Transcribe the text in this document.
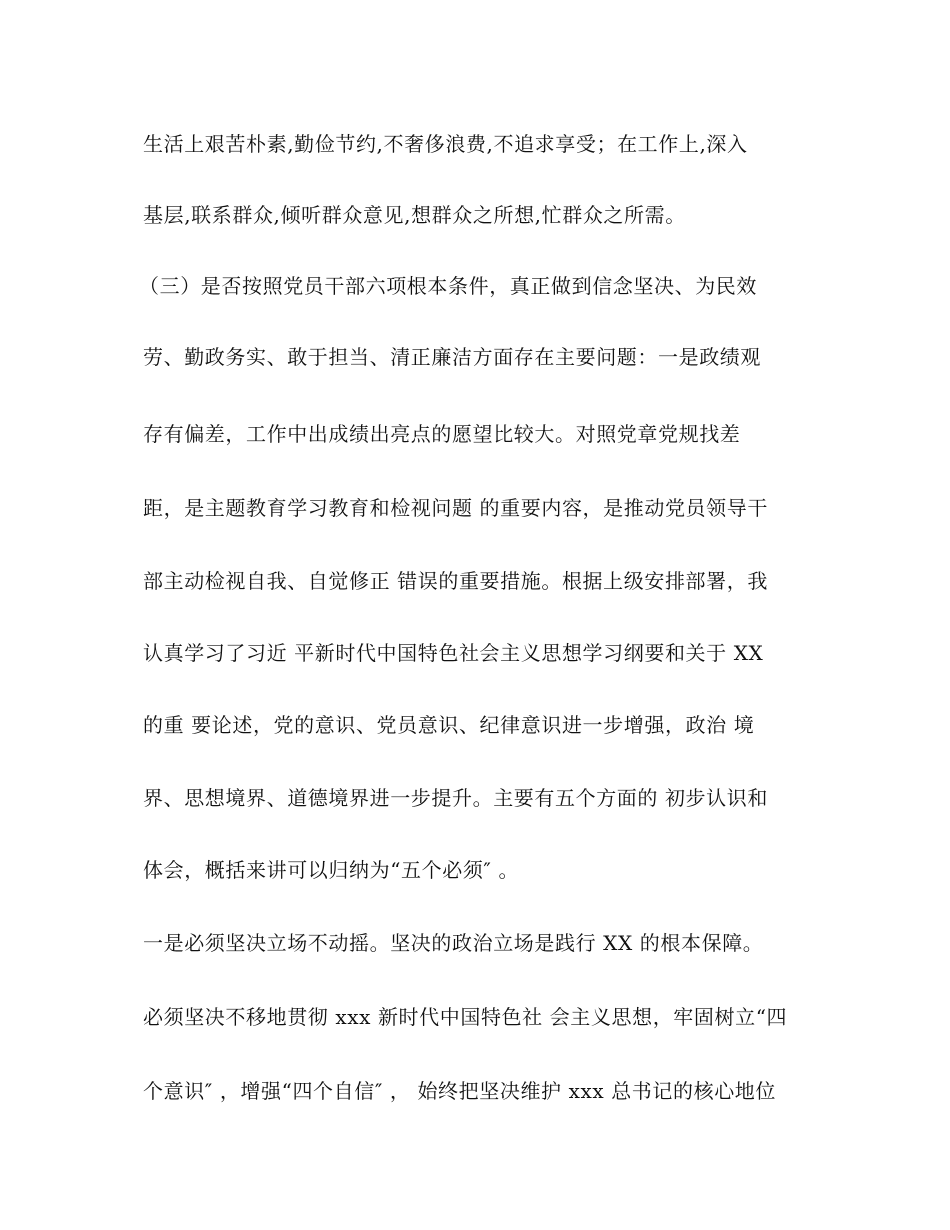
生活上艰苦朴素,勤俭节约,不奢侈浪费,不追求享受；在工作上,深入
基层,联系群众,倾听群众意见,想群众之所想,忙群众之所需。
（三）是否按照党员干部六项根本条件，真正做到信念坚决、为民效
劳、勤政务实、敢于担当、清正廉洁方面存在主要问题：一是政绩观
存有偏差，工作中出成绩出亮点的愿望比较大。对照党章党规找差
距，是主题教育学习教育和检视问题 的重要内容，是推动党员领导干
部主动检视自我、自觉修正 错误的重要措施。根据上级安排部署，我
认真学习了习近 平新时代中国特色社会主义思想学习纲要和关于 XX
的重 要论述，党的意识、党员意识、纪律意识进一步增强，政治 境
界、思想境界、道德境界进一步提升。主要有五个方面的 初步认识和
体会，概括来讲可以归纳为“五个必须″ 。
一是必须坚决立场不动摇。坚决的政治立场是践行 XX 的根本保障。
必须坚决不移地贯彻 xxx 新时代中国特色社 会主义思想，牢固树立“四
个意识″ ，增强“四个自信″ ， 始终把坚决维护 xxx 总书记的核心地位
